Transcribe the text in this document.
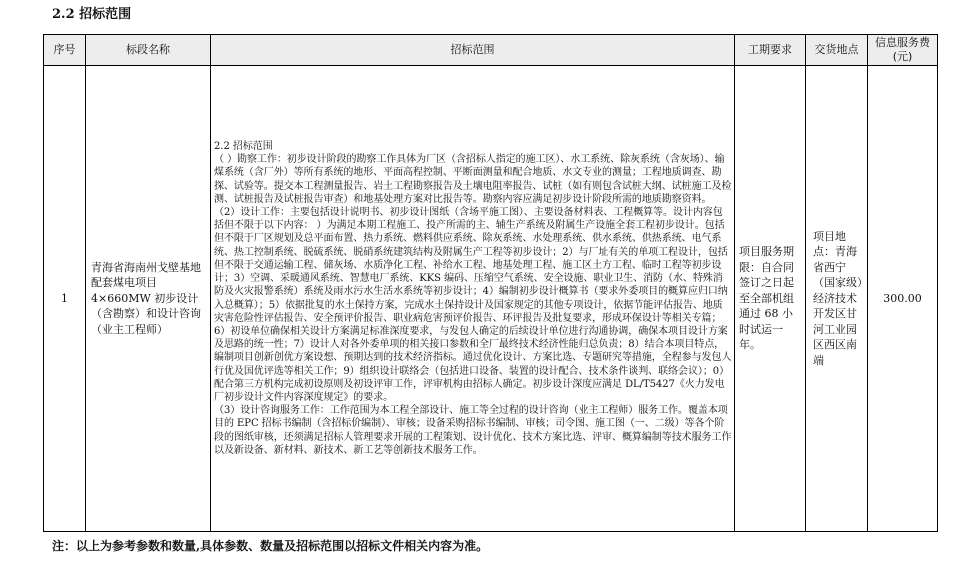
2.2 招标范围
序号	标段名称	招标范围	工期要求	交货地点	信息服务费(元)
1	青海省海南州戈壁基地配套煤电项目 4×660MW 初步设计（含勘察）和设计咨询（业主工程师）	2.2 招标范围

（ ）勘察工作：初步设计阶段的勘察工作具体为厂区（含招标人指定的施工区）、水工系统、除灰系统（含灰场）、输煤系统（含厂外）等所有系统的地形、平面高程控制、平断面测量和配合地质、水文专业的测量；工程地质调查、勘探、试验等。提交本工程测量报告、岩土工程勘察报告及土壤电阻率报告、试桩（如有则包含试桩大纲、试桩施工及检测、试桩报告及试桩报告审查）和地基处理方案对比报告等。勘察内容应满足初步设计阶段所需的地质勘察资料。

（2）设计工作：主要包括设计说明书、初步设计图纸（含场平施工图）、主要设备材料表、工程概算等。设计内容包括但不限于以下内容： ）为满足本期工程施工、投产所需的主、辅生产系统及附属生产设施全套工程初步设计。包括但不限于厂区规划及总平面布置、热力系统、燃料供应系统、除灰系统、水处理系统、供水系统、供热系统、电气系统、热工控制系统、脱硫系统、脱硝系统建筑结构及附属生产工程等初步设计；2）与厂址有关的单项工程设计，包括但不限于交通运输工程、储灰场、水质净化工程、补给水工程、地基处理工程、施工区土方工程、临时工程等初步设计；3）空调、采暖通风系统、智慧电厂系统、KKS 编码、压缩空气系统、安全设施、职业卫生、消防（水、特殊消防及火灾报警系统）系统及雨水污水生活水系统等初步设计；4）编制初步设计概算书（要求外委项目的概算应归口纳入总概算）；5）依据批复的水土保持方案，完成水土保持设计及国家规定的其他专项设计，依据节能评估报告、地质灾害危险性评估报告、安全预评价报告、职业病危害预评价报告、环评报告及批复要求，形成环保设计等相关专篇；6）初设单位确保相关设计方案满足标准深度要求，与发包人确定的后续设计单位进行沟通协调，确保本项目设计方案及思路的统一性；7）设计人对各外委单项的相关接口参数和全厂最终技术经济性能归总负责；8）结合本项目特点，编制项目创新创优方案设想、预期达到的技术经济指标。通过优化设计、方案比选、专题研究等措施，全程参与发包人行优及国优评选等相关工作；9）组织设计联络会（包括进口设备、装置的设计配合、技术条件谈判、联络会议）；0）配合第三方机构完成初设原则及初设评审工作，评审机构由招标人确定。初步设计深度应满足 DL/T5427《火力发电厂初步设计文件内容深度规定》的要求。

（3）设计咨询服务工作：工作范围为本工程全部设计、施工等全过程的设计咨询（业主工程师）服务工作。覆盖本项目的 EPC 招标书编制（含招标价编制）、审核；设备采购招标书编制、审核；司令图、施工图（一、二级）等各个阶段的图纸审核，还须满足招标人管理要求开展的工程策划、设计优化、技术方案比选、评审、概算编制等技术服务工作以及新设备、新材料、新技术、新工艺等创新技术服务工作。	项目服务期限：自合同签订之日起至全部机组通过 68 小时试运一年。	项目地点：青海省西宁（国家级）经济技术开发区甘河工业园区西区南端	300.00

注：以上为参考参数和数量,具体参数、数量及招标范围以招标文件相关内容为准。
